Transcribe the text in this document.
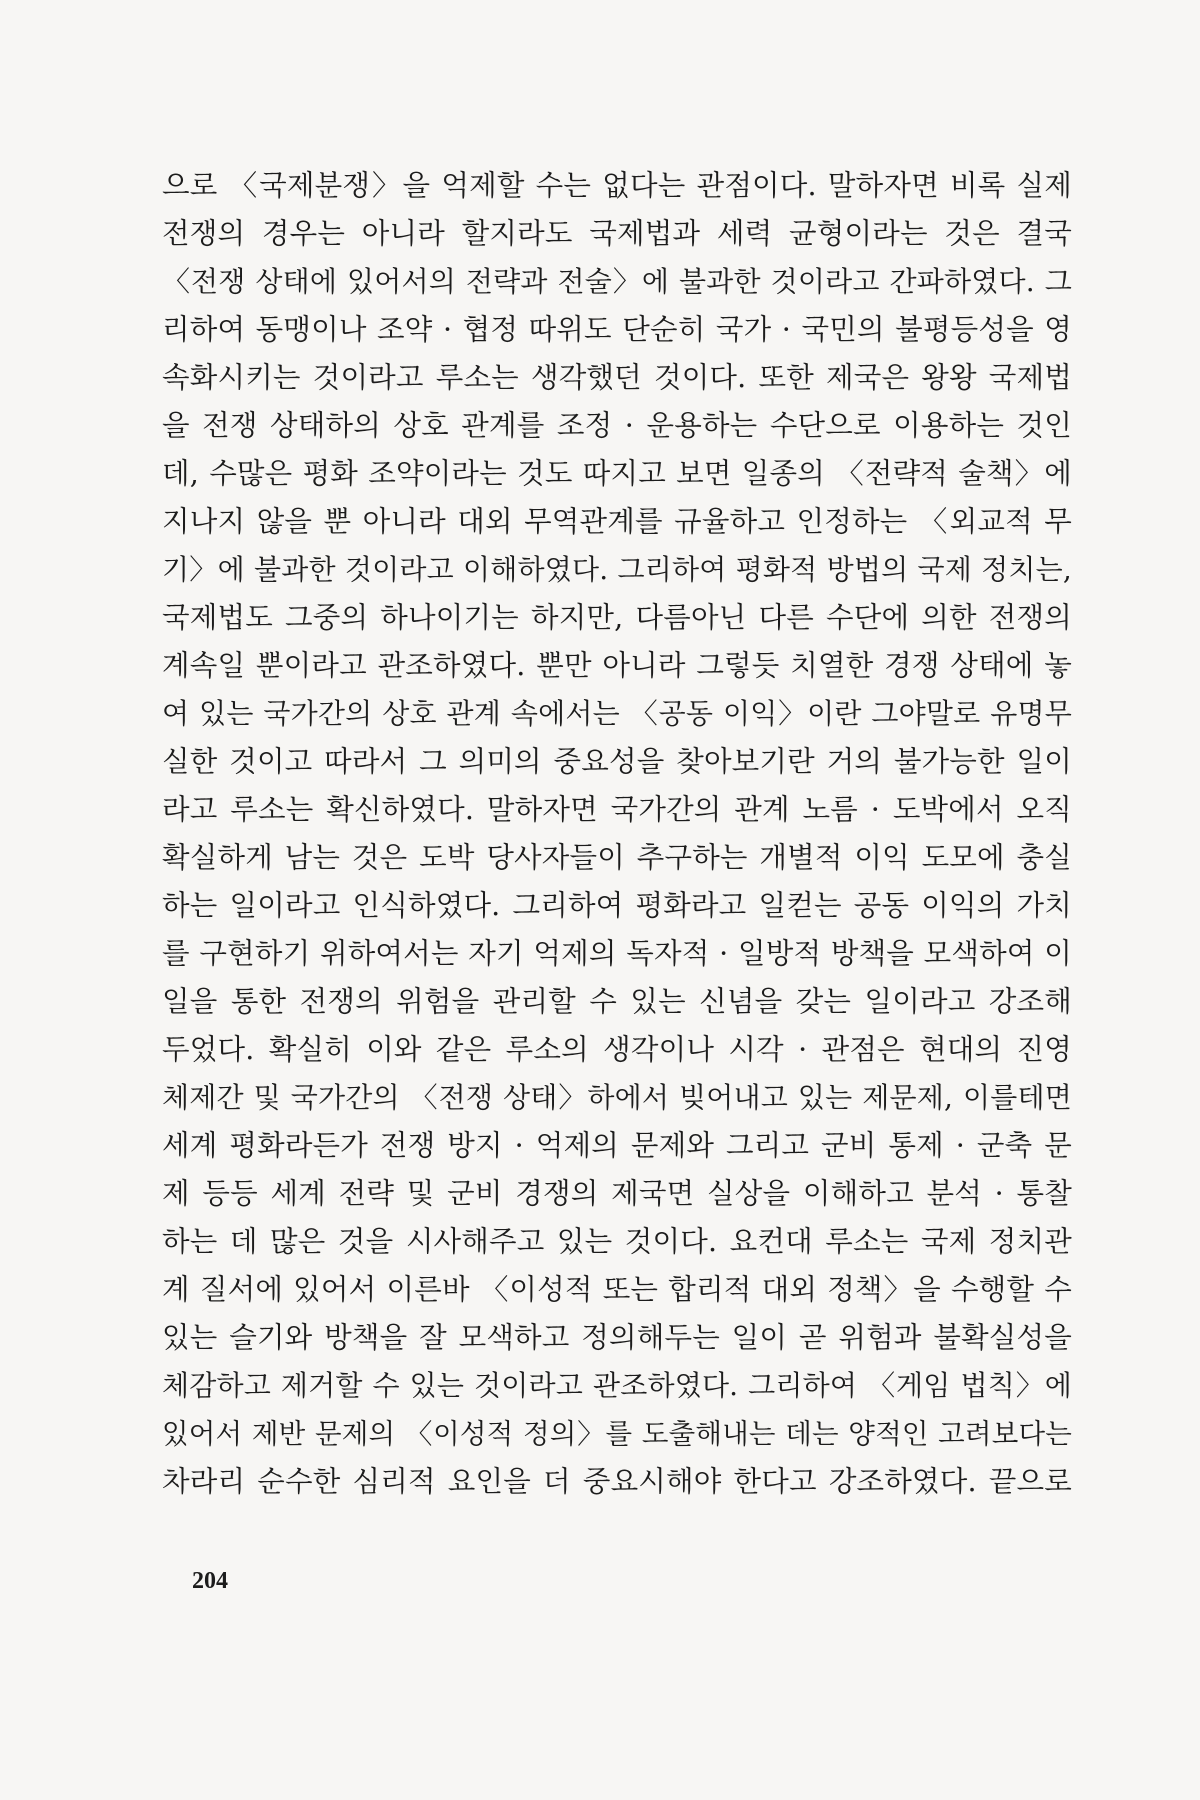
으로 〈국제분쟁〉을 억제할 수는 없다는 관점이다. 말하자면 비록 실제
전쟁의 경우는 아니라 할지라도 국제법과 세력 균형이라는 것은 결국
〈전쟁 상태에 있어서의 전략과 전술〉에 불과한 것이라고 간파하였다. 그
리하여 동맹이나 조약 · 협정 따위도 단순히 국가 · 국민의 불평등성을 영
속화시키는 것이라고 루소는 생각했던 것이다. 또한 제국은 왕왕 국제법
을 전쟁 상태하의 상호 관계를 조정 · 운용하는 수단으로 이용하는 것인
데, 수많은 평화 조약이라는 것도 따지고 보면 일종의 〈전략적 술책〉에
지나지 않을 뿐 아니라 대외 무역관계를 규율하고 인정하는 〈외교적 무
기〉에 불과한 것이라고 이해하였다. 그리하여 평화적 방법의 국제 정치는,
국제법도 그중의 하나이기는 하지만, 다름아닌 다른 수단에 의한 전쟁의
계속일 뿐이라고 관조하였다. 뿐만 아니라 그렇듯 치열한 경쟁 상태에 놓
여 있는 국가간의 상호 관계 속에서는 〈공동 이익〉이란 그야말로 유명무
실한 것이고 따라서 그 의미의 중요성을 찾아보기란 거의 불가능한 일이
라고 루소는 확신하였다. 말하자면 국가간의 관계 노름 · 도박에서 오직
확실하게 남는 것은 도박 당사자들이 추구하는 개별적 이익 도모에 충실
하는 일이라고 인식하였다. 그리하여 평화라고 일컫는 공동 이익의 가치
를 구현하기 위하여서는 자기 억제의 독자적 · 일방적 방책을 모색하여 이
일을 통한 전쟁의 위험을 관리할 수 있는 신념을 갖는 일이라고 강조해
두었다. 확실히 이와 같은 루소의 생각이나 시각 · 관점은 현대의 진영
체제간 및 국가간의 〈전쟁 상태〉하에서 빚어내고 있는 제문제, 이를테면
세계 평화라든가 전쟁 방지 · 억제의 문제와 그리고 군비 통제 · 군축 문
제 등등 세계 전략 및 군비 경쟁의 제국면 실상을 이해하고 분석 · 통찰
하는 데 많은 것을 시사해주고 있는 것이다. 요컨대 루소는 국제 정치관
계 질서에 있어서 이른바 〈이성적 또는 합리적 대외 정책〉을 수행할 수
있는 슬기와 방책을 잘 모색하고 정의해두는 일이 곧 위험과 불확실성을
체감하고 제거할 수 있는 것이라고 관조하였다. 그리하여 〈게임 법칙〉에
있어서 제반 문제의 〈이성적 정의〉를 도출해내는 데는 양적인 고려보다는
차라리 순수한 심리적 요인을 더 중요시해야 한다고 강조하였다. 끝으로
204
